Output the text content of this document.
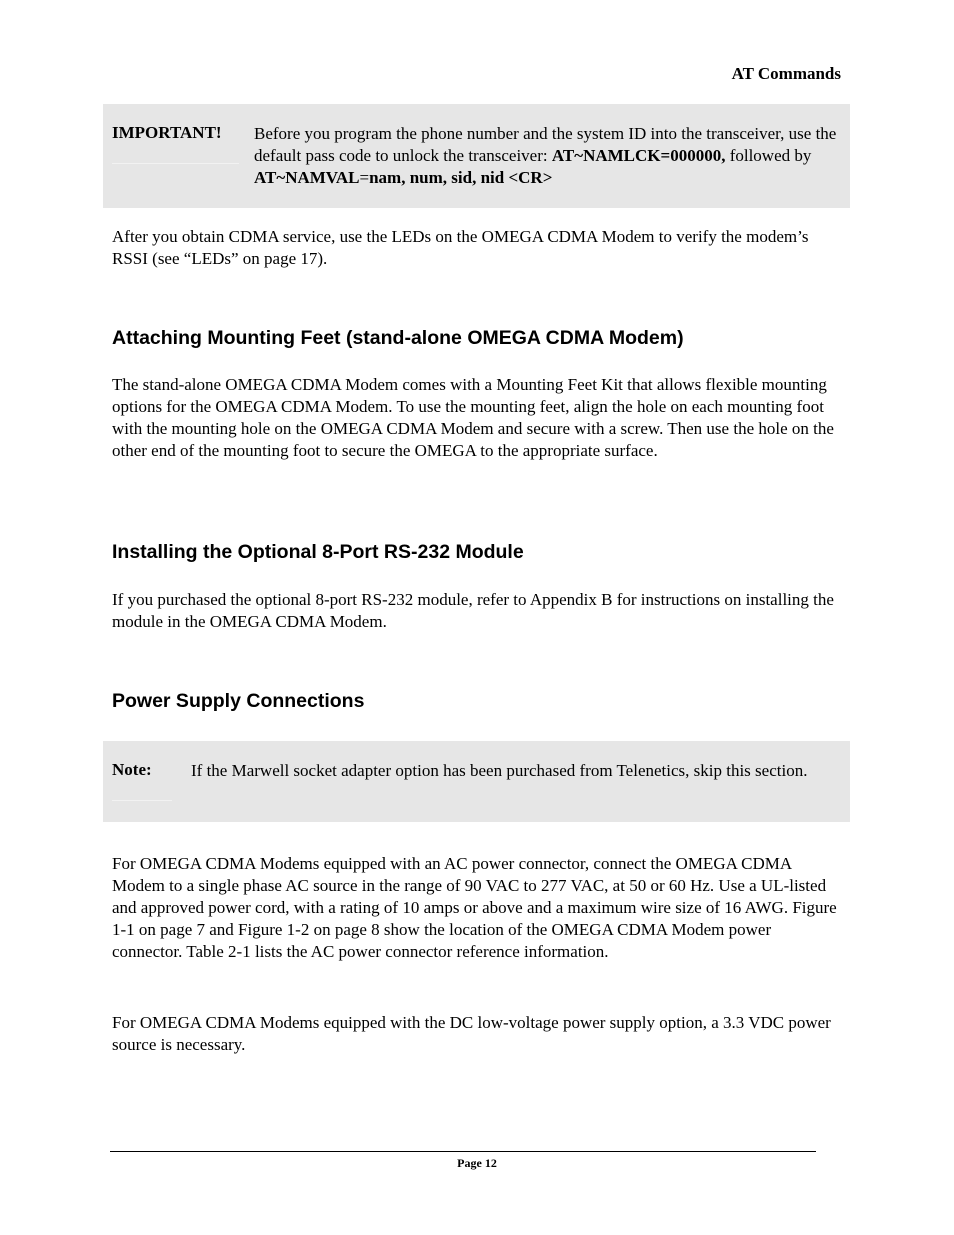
AT Commands
IMPORTANT! Before you program the phone number and the system ID into the transceiver, use the default pass code to unlock the transceiver: AT~NAMLCK=000000, followed by AT~NAMVAL=nam, num, sid, nid <CR>
After you obtain CDMA service, use the LEDs on the OMEGA CDMA Modem to verify the modem’s RSSI (see “LEDs” on page 17).
Attaching Mounting Feet (stand-alone OMEGA CDMA Modem)
The stand-alone OMEGA CDMA Modem comes with a Mounting Feet Kit that allows flexible mounting options for the OMEGA CDMA Modem. To use the mounting feet, align the hole on each mounting foot with the mounting hole on the OMEGA CDMA Modem and secure with a screw. Then use the hole on the other end of the mounting foot to secure the OMEGA to the appropriate surface.
Installing the Optional 8-Port RS-232 Module
If you purchased the optional 8-port RS-232 module, refer to Appendix B for instructions on installing the module in the OMEGA CDMA Modem.
Power Supply Connections
Note: If the Marwell socket adapter option has been purchased from Telenetics, skip this section.
For OMEGA CDMA Modems equipped with an AC power connector, connect the OMEGA CDMA Modem to a single phase AC source in the range of 90 VAC to 277 VAC, at 50 or 60 Hz. Use a UL-listed and approved power cord, with a rating of 10 amps or above and a maximum wire size of 16 AWG. Figure 1-1 on page 7 and Figure 1-2 on page 8 show the location of the OMEGA CDMA Modem power connector. Table 2-1 lists the AC power connector reference information.
For OMEGA CDMA Modems equipped with the DC low-voltage power supply option, a 3.3 VDC power source is necessary.
Page 12
